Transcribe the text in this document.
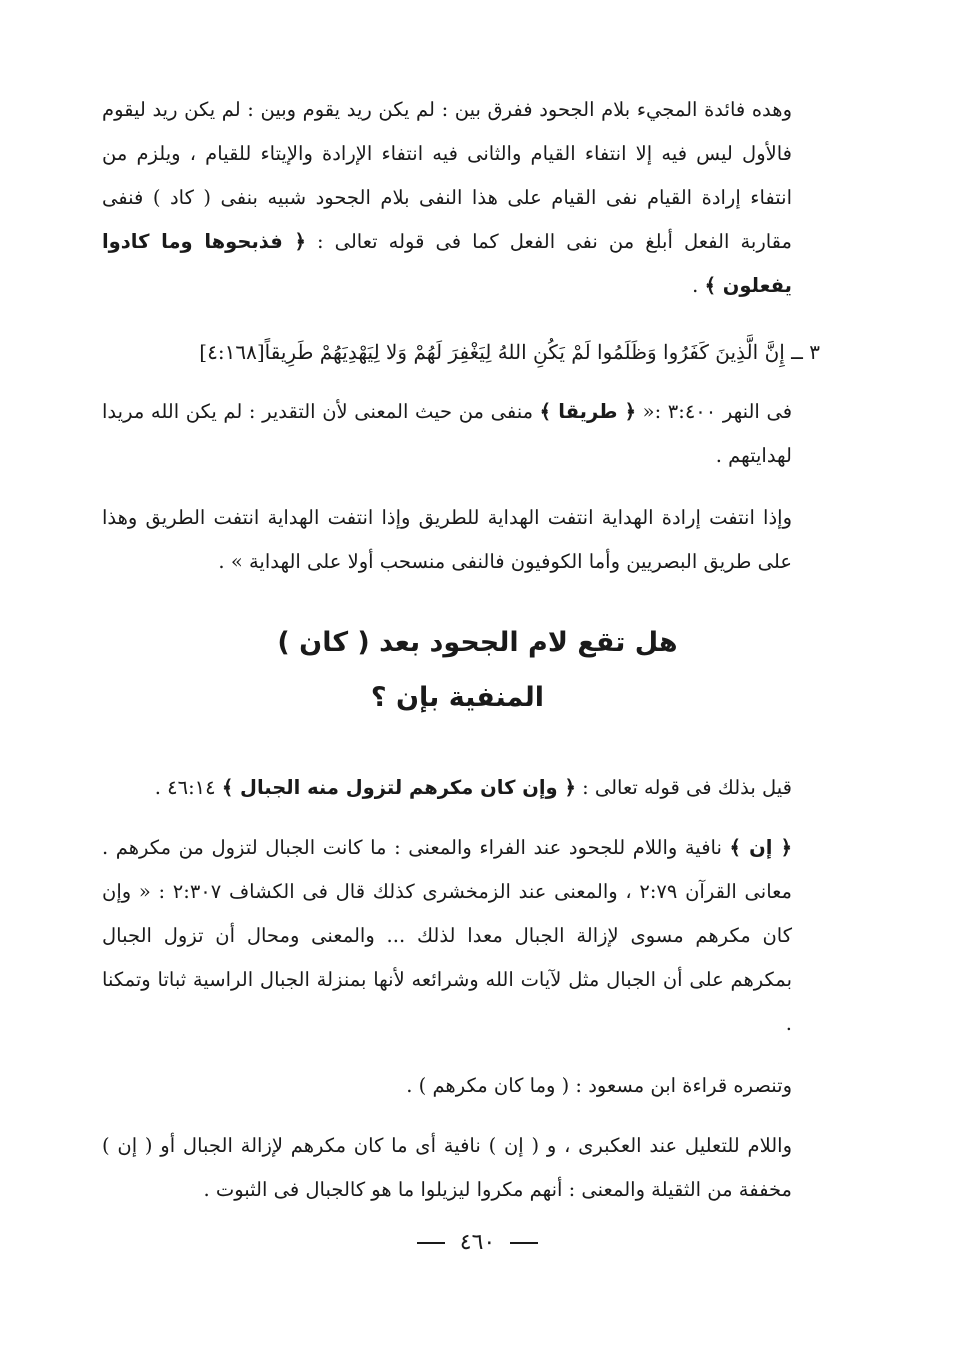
وهده فائدة المجيء بلام الجحود ففرق بين : لم يكن ريد يقوم وبين : لم يكن ريد ليقوم فالأول ليس فيه إلا انتفاء القيام والثانى فيه انتفاء الإرادة والإيتاء للقيام ، ويلزم من انتفاء إرادة القيام نفى القيام على هذا النفى بلام الجحود شبيه بنفى ( كاد ) فنفى مقاربة الفعل أبلغ من نفى الفعل كما فى قوله تعالى : ﴿ فذبحوها وما كادوا يفعلون ﴾ .
٣ ــ إِنَّ الَّذِينَ كَفَرُوا وَظَلَمُوا لَمْ يَكُنِ اللهُ لِيَغْفِرَ لَهُمْ وَلا لِيَهْدِيَهُمْ طَرِيقاً[٤:١٦٨]
فى النهر ٣:٤٠٠ :« ﴿ طريقا ﴾ منفى من حيث المعنى لأن التقدير : لم يكن الله مريدا لهدايتهم .
وإذا انتفت إرادة الهداية انتفت الهداية للطريق وإذا انتفت الهداية انتفت الطريق وهذا على طريق البصريين وأما الكوفيون فالنفى منسحب أولا على الهداية » .
هل تقع لام الجحود بعد ( كان )
المنفية بإن ؟
قيل بذلك فى قوله تعالى : ﴿ وإن كان مكرهم لتزول منه الجبال ﴾ ٤٦:١٤ .
﴿ إن ﴾ نافية واللام للجحود عند الفراء والمعنى : ما كانت الجبال لتزول من مكرهم . معانى القرآن ٢:٧٩ ، والمعنى عند الزمخشرى كذلك قال فى الكشاف ٢:٣٠٧ : « وإن كان مكرهم مسوى لإزالة الجبال معدا لذلك ... والمعنى ومحال أن تزول الجبال بمكرهم على أن الجبال مثل لآيات الله وشرائعه لأنها بمنزلة الجبال الراسية ثباتا وتمكنا .
وتنصره قراءة ابن مسعود : ( وما كان مكرهم ) .
واللام للتعليل عند العكبرى ، و ( إن ) نافية أى ما كان مكرهم لإزالة الجبال أو ( إن ) مخففة من الثقيلة والمعنى : أنهم مكروا ليزيلوا ما هو كالجبال فى الثبوت .
٤٦٠
